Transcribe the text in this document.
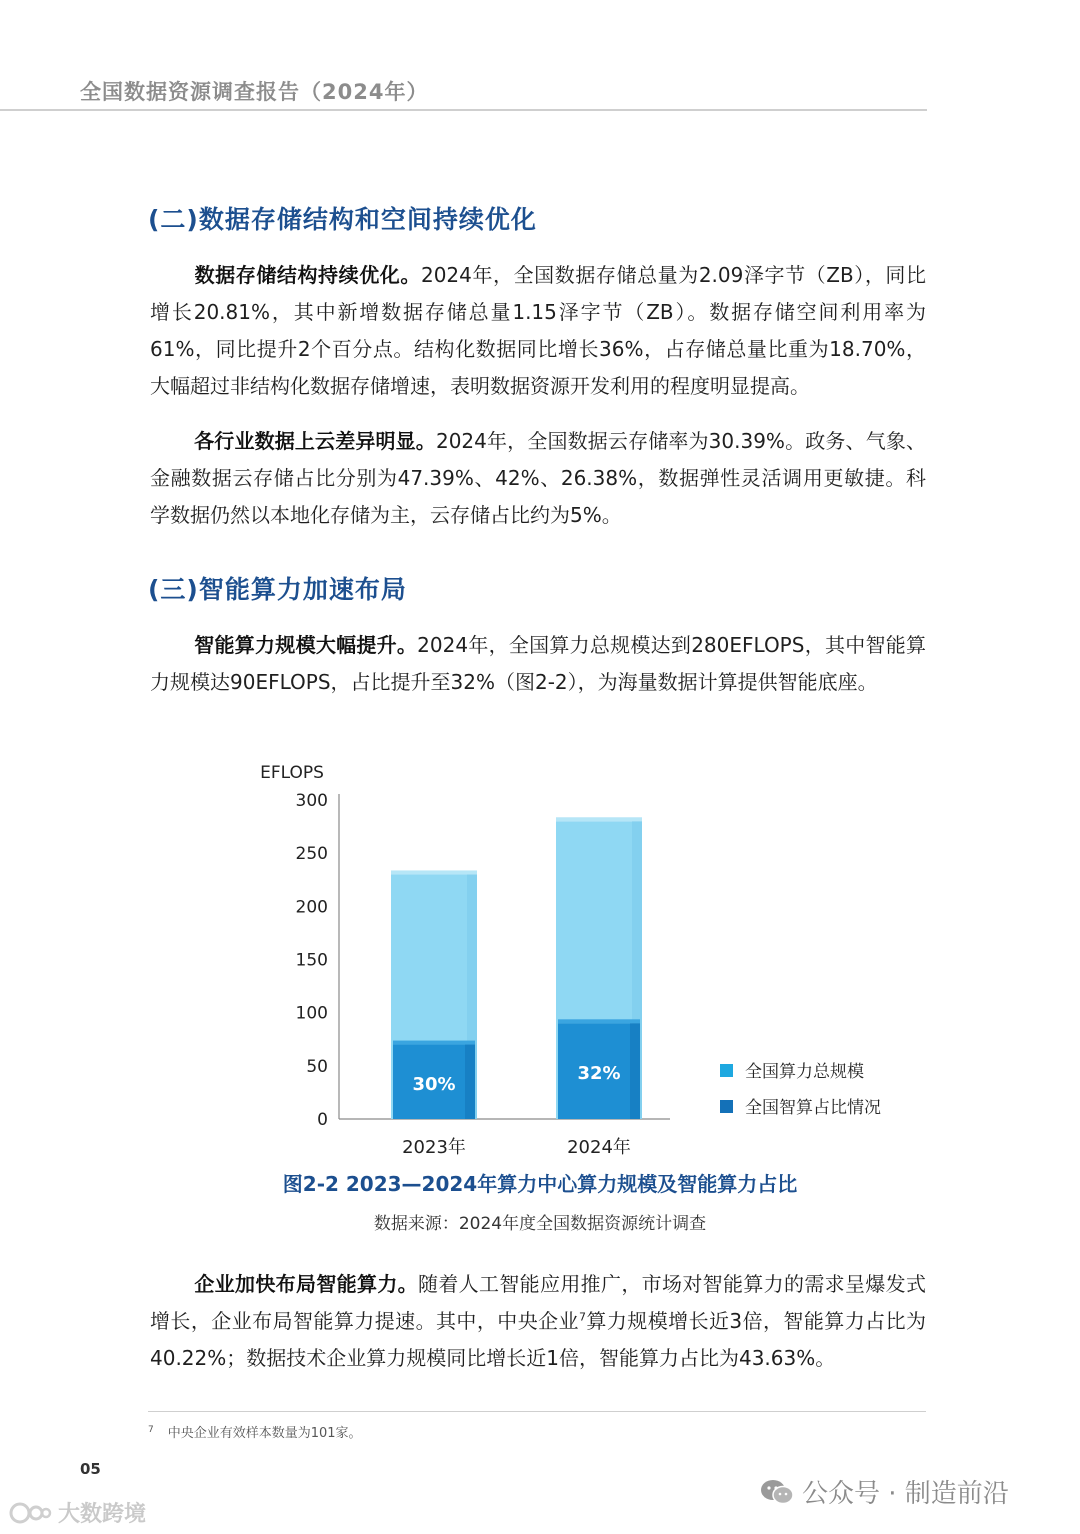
全国数据资源调查报告（2024年）
(二)数据存储结构和空间持续优化
数据存储结构持续优化。2024年，全国数据存储总量为2.09泽字节（ZB），同比增长20.81%，其中新增数据存储总量1.15泽字节（ZB）。数据存储空间利用率为61%，同比提升2个百分点。结构化数据同比增长36%，占存储总量比重为18.70%，大幅超过非结构化数据存储增速，表明数据资源开发利用的程度明显提高。
各行业数据上云差异明显。2024年，全国数据云存储率为30.39%。政务、气象、金融数据云存储占比分别为47.39%、42%、26.38%，数据弹性灵活调用更敏捷。科学数据仍然以本地化存储为主，云存储占比约为5%。
(三)智能算力加速布局
智能算力规模大幅提升。2024年，全国算力总规模达到280EFLOPS，其中智能算力规模达90EFLOPS，占比提升至32%（图2-2），为海量数据计算提供智能底座。
EFLOPS
300
250
200
150
100
50
0
30%
2023年
32%
2024年
全国算力总规模
全国智算占比情况
图2-2 2023—2024年算力中心算力规模及智能算力占比
数据来源：2024年度全国数据资源统计调查
企业加快布局智能算力。随着人工智能应用推广，市场对智能算力的需求呈爆发式增长，企业布局智能算力提速。其中，中央企业$^7$算力规模增长近3倍，智能算力占比为40.22%；数据技术企业算力规模同比增长近1倍，智能算力占比为43.63%。
$^7$ 中央企业有效样本数量为101家。
05
公众号 · 制造前沿
大数跨境
